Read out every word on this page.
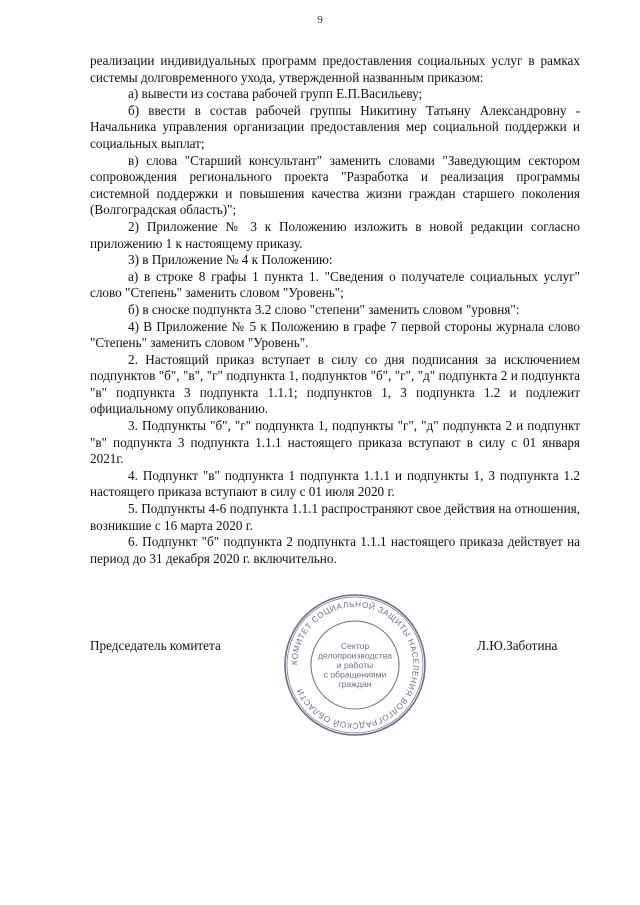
9

реализации индивидуальных программ предоставления социальных услуг в рамках системы долговременного ухода, утвержденной названным приказом:

а) вывести из состава рабочей групп Е.П.Васильеву;

б) ввести в состав рабочей группы Никитину Татьяну Александровну - Начальника управления организации предоставления мер социальной поддержки и социальных выплат;

в) слова "Старший консультант" заменить словами "Заведующим сектором сопровождения регионального проекта "Разработка и реализация программы системной поддержки и повышения качества жизни граждан старшего поколения (Волгоградская область)";

2) Приложение № 3 к Положению изложить в новой редакции согласно приложению 1 к настоящему приказу.

3) в Приложение № 4 к Положению:

а) в строке 8 графы 1 пункта 1. "Сведения о получателе социальных услуг" слово "Степень" заменить словом "Уровень";

б) в сноске подпункта 3.2 слово "степени" заменить словом "уровня":

4) В Приложение № 5 к Положению в графе 7 первой стороны журнала слово "Степень" заменить словом "Уровень".

2. Настоящий приказ вступает в силу со дня подписания за исключением подпунктов "б", "в", "г" подпункта 1, подпунктов "б", "г", "д" подпункта 2 и подпункта "в" подпункта 3 подпункта 1.1.1; подпунктов 1, 3 подпункта 1.2 и подлежит официальному опубликованию.

3. Подпункты "б", "г" подпункта 1, подпункты "г", "д" подпункта 2 и подпункт "в" подпункта 3 подпункта 1.1.1 настоящего приказа вступают в силу с 01 января 2021г.

4. Подпункт "в" подпункта 1 подпункта 1.1.1 и подпункты 1, 3 подпункта 1.2 настоящего приказа вступают в силу с 01 июля 2020 г.

5. Подпункты 4-6 подпункта 1.1.1 распространяют свое действия на отношения, возникшие с 16 марта 2020 г.

6. Подпункт "б" подпункта 2 подпункта 1.1.1 настоящего приказа действует на период до 31 декабря 2020 г. включительно.

Председатель комитета	Л.Ю.Заботина
КОМИТЕТ СОЦИАЛЬНОЙ ЗАЩИТЫ НАСЕЛЕНИЯ ВОЛГОГРАДСКОЙ ОБЛАСТИ
Сектор
делопроизводства
и работы
с обращениями
граждан
